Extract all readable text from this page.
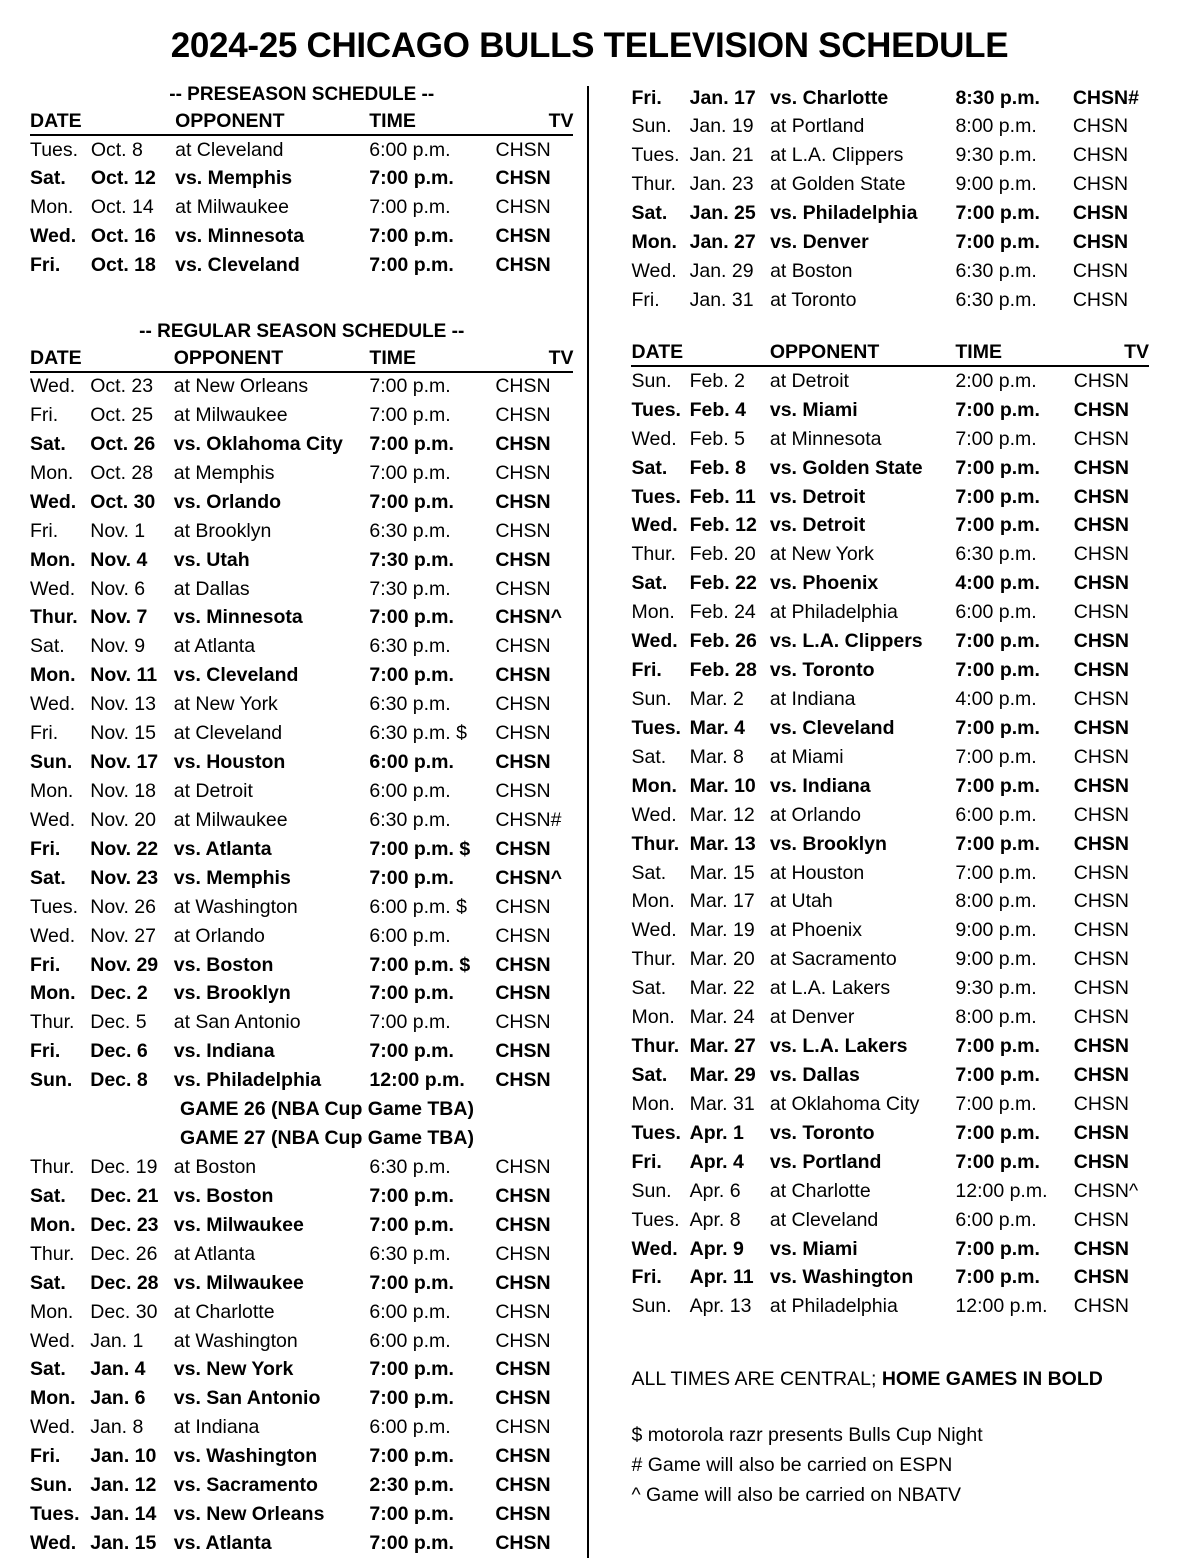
2024-25 CHICAGO BULLS TELEVISION SCHEDULE
-- PRESEASON SCHEDULE --
DATE		OPPONENT	TIME	TV
Tues.	Oct. 8	at Cleveland	6:00 p.m.	CHSN
Sat.	Oct. 12	vs. Memphis	7:00 p.m.	CHSN
Mon.	Oct. 14	at Milwaukee	7:00 p.m.	CHSN
Wed.	Oct. 16	vs. Minnesota	7:00 p.m.	CHSN
Fri.	Oct. 18	vs. Cleveland	7:00 p.m.	CHSN
-- REGULAR SEASON SCHEDULE --
DATE		OPPONENT	TIME	TV
Wed.	Oct. 23	at New Orleans	7:00 p.m.	CHSN
Fri.	Oct. 25	at Milwaukee	7:00 p.m.	CHSN
Sat.	Oct. 26	vs. Oklahoma City	7:00 p.m.	CHSN
Mon.	Oct. 28	at Memphis	7:00 p.m.	CHSN
Wed.	Oct. 30	vs. Orlando	7:00 p.m.	CHSN
Fri.	Nov. 1	at Brooklyn	6:30 p.m.	CHSN
Mon.	Nov. 4	vs. Utah	7:30 p.m.	CHSN
Wed.	Nov. 6	at Dallas	7:30 p.m.	CHSN
Thur.	Nov. 7	vs. Minnesota	7:00 p.m.	CHSN^
Sat.	Nov. 9	at Atlanta	6:30 p.m.	CHSN
Mon.	Nov. 11	vs. Cleveland	7:00 p.m.	CHSN
Wed.	Nov. 13	at New York	6:30 p.m.	CHSN
Fri.	Nov. 15	at Cleveland	6:30 p.m. $	CHSN
Sun.	Nov. 17	vs. Houston	6:00 p.m.	CHSN
Mon.	Nov. 18	at Detroit	6:00 p.m.	CHSN
Wed.	Nov. 20	at Milwaukee	6:30 p.m.	CHSN#
Fri.	Nov. 22	vs. Atlanta	7:00 p.m. $	CHSN
Sat.	Nov. 23	vs. Memphis	7:00 p.m.	CHSN^
Tues.	Nov. 26	at Washington	6:00 p.m. $	CHSN
Wed.	Nov. 27	at Orlando	6:00 p.m.	CHSN
Fri.	Nov. 29	vs. Boston	7:00 p.m. $	CHSN
Mon.	Dec. 2	vs. Brooklyn	7:00 p.m.	CHSN
Thur.	Dec. 5	at San Antonio	7:00 p.m.	CHSN
Fri.	Dec. 6	vs. Indiana	7:00 p.m.	CHSN
Sun.	Dec. 8	vs. Philadelphia	12:00 p.m.	CHSN
GAME 26 (NBA Cup Game TBA)				
GAME 27 (NBA Cup Game TBA)				
Thur.	Dec. 19	at Boston	6:30 p.m.	CHSN
Sat.	Dec. 21	vs. Boston	7:00 p.m.	CHSN
Mon.	Dec. 23	vs. Milwaukee	7:00 p.m.	CHSN
Thur.	Dec. 26	at Atlanta	6:30 p.m.	CHSN
Sat.	Dec. 28	vs. Milwaukee	7:00 p.m.	CHSN
Mon.	Dec. 30	at Charlotte	6:00 p.m.	CHSN
Wed.	Jan. 1	at Washington	6:00 p.m.	CHSN
Sat.	Jan. 4	vs. New York	7:00 p.m.	CHSN
Mon.	Jan. 6	vs. San Antonio	7:00 p.m.	CHSN
Wed.	Jan. 8	at Indiana	6:00 p.m.	CHSN
Fri.	Jan. 10	vs. Washington	7:00 p.m.	CHSN
Sun.	Jan. 12	vs. Sacramento	2:30 p.m.	CHSN
Tues.	Jan. 14	vs. New Orleans	7:00 p.m.	CHSN
Wed.	Jan. 15	vs. Atlanta	7:00 p.m.	CHSN
Fri.	Jan. 17	vs. Charlotte	8:30 p.m.	CHSN#
Sun.	Jan. 19	at Portland	8:00 p.m.	CHSN
Tues.	Jan. 21	at L.A. Clippers	9:30 p.m.	CHSN
Thur.	Jan. 23	at Golden State	9:00 p.m.	CHSN
Sat.	Jan. 25	vs. Philadelphia	7:00 p.m.	CHSN
Mon.	Jan. 27	vs. Denver	7:00 p.m.	CHSN
Wed.	Jan. 29	at Boston	6:30 p.m.	CHSN
Fri.	Jan. 31	at Toronto	6:30 p.m.	CHSN
DATE		OPPONENT	TIME	TV
Sun.	Feb. 2	at Detroit	2:00 p.m.	CHSN
Tues.	Feb. 4	vs. Miami	7:00 p.m.	CHSN
Wed.	Feb. 5	at Minnesota	7:00 p.m.	CHSN
Sat.	Feb. 8	vs. Golden State	7:00 p.m.	CHSN
Tues.	Feb. 11	vs. Detroit	7:00 p.m.	CHSN
Wed.	Feb. 12	vs. Detroit	7:00 p.m.	CHSN
Thur.	Feb. 20	at New York	6:30 p.m.	CHSN
Sat.	Feb. 22	vs. Phoenix	4:00 p.m.	CHSN
Mon.	Feb. 24	at Philadelphia	6:00 p.m.	CHSN
Wed.	Feb. 26	vs. L.A. Clippers	7:00 p.m.	CHSN
Fri.	Feb. 28	vs. Toronto	7:00 p.m.	CHSN
Sun.	Mar. 2	at Indiana	4:00 p.m.	CHSN
Tues.	Mar. 4	vs. Cleveland	7:00 p.m.	CHSN
Sat.	Mar. 8	at Miami	7:00 p.m.	CHSN
Mon.	Mar. 10	vs. Indiana	7:00 p.m.	CHSN
Wed.	Mar. 12	at Orlando	6:00 p.m.	CHSN
Thur.	Mar. 13	vs. Brooklyn	7:00 p.m.	CHSN
Sat.	Mar. 15	at Houston	7:00 p.m.	CHSN
Mon.	Mar. 17	at Utah	8:00 p.m.	CHSN
Wed.	Mar. 19	at Phoenix	9:00 p.m.	CHSN
Thur.	Mar. 20	at Sacramento	9:00 p.m.	CHSN
Sat.	Mar. 22	at L.A. Lakers	9:30 p.m.	CHSN
Mon.	Mar. 24	at Denver	8:00 p.m.	CHSN
Thur.	Mar. 27	vs. L.A. Lakers	7:00 p.m.	CHSN
Sat.	Mar. 29	vs. Dallas	7:00 p.m.	CHSN
Mon.	Mar. 31	at Oklahoma City	7:00 p.m.	CHSN
Tues.	Apr. 1	vs. Toronto	7:00 p.m.	CHSN
Fri.	Apr. 4	vs. Portland	7:00 p.m.	CHSN
Sun.	Apr. 6	at Charlotte	12:00 p.m.	CHSN^
Tues.	Apr. 8	at Cleveland	6:00 p.m.	CHSN
Wed.	Apr. 9	vs. Miami	7:00 p.m.	CHSN
Fri.	Apr. 11	vs. Washington	7:00 p.m.	CHSN
Sun.	Apr. 13	at Philadelphia	12:00 p.m.	CHSN
ALL TIMES ARE CENTRAL; HOME GAMES IN BOLD
$ motorola razr presents Bulls Cup Night
# Game will also be carried on ESPN
^ Game will also be carried on NBATV
